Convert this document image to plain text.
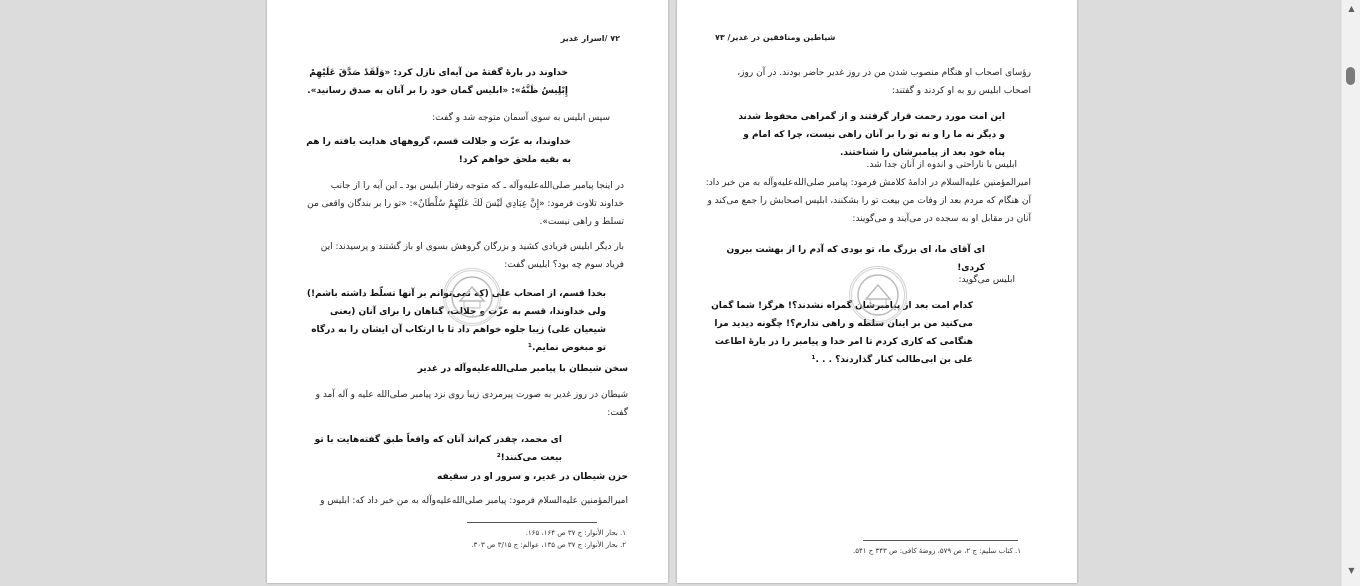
۷۲ /اسرار غدیر
خداوند در بارهٔ گفتهٔ من آیه‌ای نازل کرد: «وَلَقَدْ صَدَّقَ عَلَیْهِمْ إِبْلِیسُ ظَنَّهُ»: «ابلیس گمان خود را بر آنان به صدق رسانید».
سپس ابلیس به سوی آسمان متوجه شد و گفت:
خداوندا، به عزّت و جلالت قسم، گروههای هدایت یافته را هم به بقیه ملحق خواهم کرد!
در اینجا پیامبر صلی‌الله‌علیه‌وآله ـ که متوجه رفتار ابلیس بود ـ این آیه را از جانب خداوند تلاوت فرمود: «إِنَّ عِبَادِي لَيْسَ لَكَ عَلَيْهِمْ سُلْطَانٌ»: «تو را بر بندگان واقعی من تسلط و راهی نیست».
بار دیگر ابلیس فریادی کشید و بزرگان گروهش بسوی او باز گشتند و پرسیدند: این فریاد سوم چه بود؟ ابلیس گفت:
بخدا قسم، از اصحاب علی (که نمی‌توانم بر آنها تسلّط داشته باشم!) ولی خداوندا، قسم به عزّت و جلالت، گناهان را برای آنان (یعنی شیعیان علی) زیبا جلوه خواهم داد تا با ارتکاب آن ایشان را به درگاه تو مبغوض نمایم.¹
سخن شیطان با پیامبر صلی‌الله‌علیه‌وآله در غدیر
شیطان در روز غدیر به صورت پیرمردی زیبا روی نزد پیامبر صلی‌الله علیه و آله آمد و گفت:
ای محمد، چقدر کم‌اند آنان که واقعاً طبق گفته‌هایت با تو بیعت می‌کنند!²
حزن شیطان در غدیر، و سرور او در سقیفه
امیرالمؤمنین علیه‌السلام فرمود: پیامبر صلی‌الله‌علیه‌وآله به من خبر داد که: ابلیس و
۱. بحار الأنوار: ج ۳۷ ص ۱۶۴، ۱۶۵.
۲. بحار الأنوار: ج ۳۷ ص ۱۳۵، عوالم: ج ۳/۱۵ ص ۳۰۳.
شیاطین ومنافقین در غدیر/ ۷۳
رؤسای اصحاب او هنگام منصوب شدن من در روز غدیر حاضر بودند. در آن روز، اصحاب ابلیس رو به او کردند و گفتند:
این امت مورد رحمت قرار گرفتند و از گمراهی محفوظ شدند و دیگر نه ما را و نه تو را بر آنان راهی نیست، چرا که امام و پناه خود بعد از پیامبرشان را شناختند.
ابلیس با ناراحتی و اندوه از آنان جدا شد.
امیرالمؤمنین علیه‌السلام در ادامهٔ کلامش فرمود: پیامبر صلی‌الله‌علیه‌وآله به من خبر داد: آن هنگام که مردم بعد از وفات من بیعت تو را بشکنند، ابلیس اصحابش را جمع می‌کند و آنان در مقابل او به سجده در می‌آیند و می‌گویند:
ای آقای ما، ای بزرگ ما، تو بودی که آدم را از بهشت بیرون کردی!
ابلیس می‌گوید:
کدام امت بعد از پیامبرشان گمراه نشدند؟! هرگز! شما گمان می‌کنید من بر اینان سلطه و راهی ندارم؟! چگونه دیدید مرا هنگامی که کاری کردم تا امر خدا و پیامبر را در بارهٔ اطاعت علی بن ابی‌طالب کنار گذاردند؟ . . .¹
۱. کتاب سلیم: ج ۲، ص ۵۷۹، روضهٔ کافی: ص ۳۴۳ ح ۵۴۱.
▲
▼
